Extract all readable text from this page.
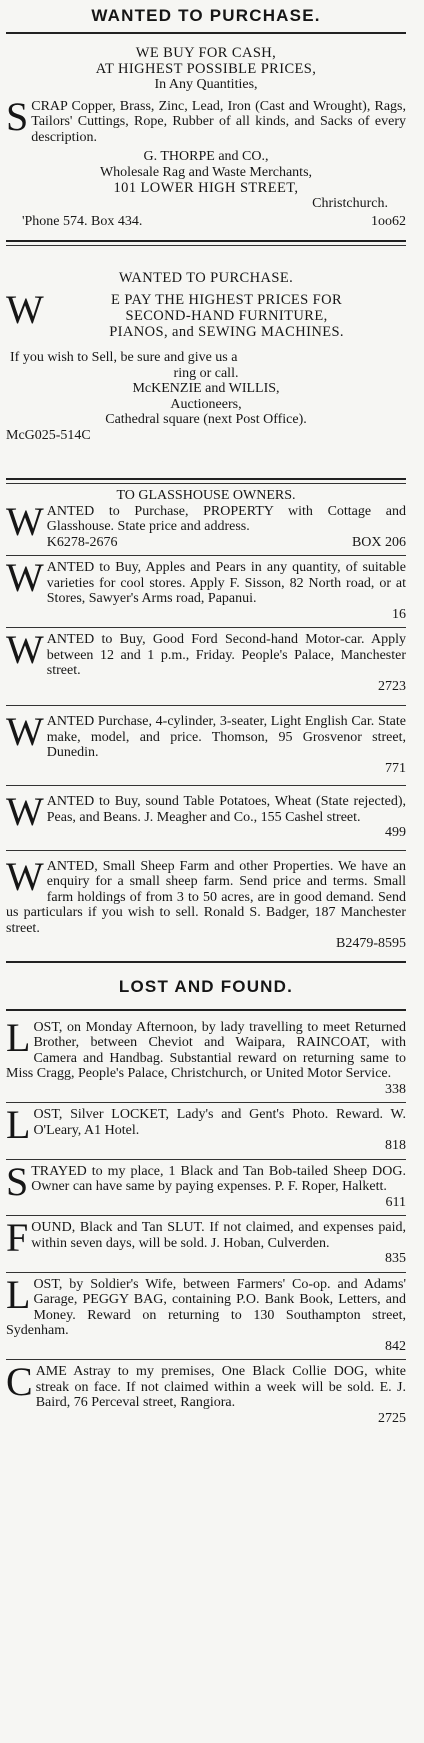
WANTED TO PURCHASE.
WE BUY FOR CASH,
AT HIGHEST POSSIBLE PRICES,
In Any Quantities,
S CRAP Copper, Brass, Zinc, Lead, Iron (Cast and Wrought), Rags, Tailors' Cuttings, Rope, Rubber of all kinds, and Sacks of every description.
G. THORPE and CO.,
Wholesale Rag and Waste Merchants,
101 LOWER HIGH STREET,
Christchurch.
'Phone 574. Box 434.	1oo62
WANTED TO PURCHASE.
W	E PAY THE HIGHEST PRICES FOR
SECOND-HAND FURNITURE,
PIANOS, and SEWING MACHINES.
If you wish to Sell, be sure and give us a
ring or call.
McKENZIE and WILLIS,
Auctioneers,
Cathedral square (next Post Office).
McG025-514C
TO GLASSHOUSE OWNERS.
W ANTED to Purchase, PROPERTY with Cottage and Glasshouse. State price and address.
K6278-2676	BOX 206
W ANTED to Buy, Apples and Pears in any quantity, of suitable varieties for cool stores. Apply F. Sisson, 82 North road, or at Stores, Sawyer's Arms road, Papanui.
16
W ANTED to Buy, Good Ford Second-hand Motor-car. Apply between 12 and 1 p.m., Friday. People's Palace, Manchester street.
2723
W ANTED Purchase, 4-cylinder, 3-seater, Light English Car. State make, model, and price. Thomson, 95 Grosvenor street, Dunedin.
771
W ANTED to Buy, sound Table Potatoes, Wheat (State rejected), Peas, and Beans. J. Meagher and Co., 155 Cashel street.
499
W ANTED, Small Sheep Farm and other Properties. We have an enquiry for a small sheep farm. Send price and terms. Small farm holdings of from 3 to 50 acres, are in good demand. Send us particulars if you wish to sell. Ronald S. Badger, 187 Manchester street.
B2479-8595
LOST AND FOUND.
L OST, on Monday Afternoon, by lady travelling to meet Returned Brother, between Cheviot and Waipara, RAINCOAT, with Camera and Handbag. Substantial reward on returning same to Miss Cragg, People's Palace, Christchurch, or United Motor Service.
338
L OST, Silver LOCKET, Lady's and Gent's Photo. Reward. W. O'Leary, A1 Hotel.
818
S TRAYED to my place, 1 Black and Tan Bob-tailed Sheep DOG. Owner can have same by paying expenses. P. F. Roper, Halkett.
611
F OUND, Black and Tan SLUT. If not claimed, and expenses paid, within seven days, will be sold. J. Hoban, Culverden.
835
L OST, by Soldier's Wife, between Farmers' Co-op. and Adams' Garage, PEGGY BAG, containing P.O. Bank Book, Letters, and Money. Reward on returning to 130 Southampton street, Sydenham.
842
C AME Astray to my premises, One Black Collie DOG, white streak on face. If not claimed within a week will be sold. E. J. Baird, 76 Perceval street, Rangiora.
2725
